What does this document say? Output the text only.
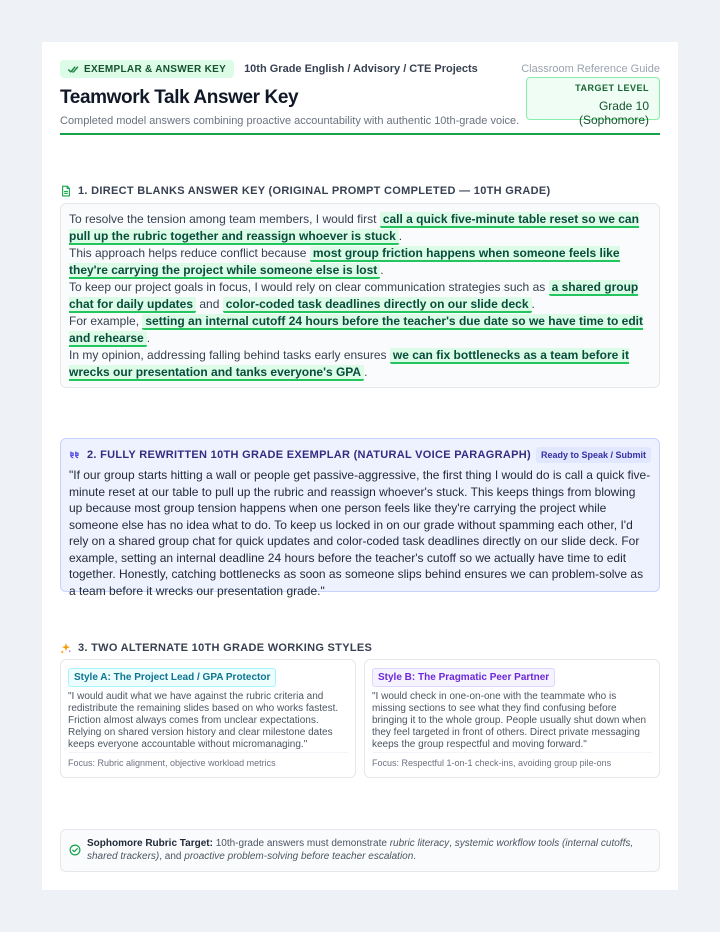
EXEMPLAR & ANSWER KEY 10th Grade English / Advisory / CTE Projects	Classroom Reference Guide
Teamwork Talk Answer Key
Completed model answers combining proactive accountability with authentic 10th-grade voice.
TARGET LEVEL
Grade 10 (Sophomore)
1. DIRECT BLANKS ANSWER KEY (ORIGINAL PROMPT COMPLETED — 10TH GRADE)

To resolve the tension among team members, I would first call a quick five-minute table reset so we can pull up the rubric together and reassign whoever is stuck .

This approach helps reduce conflict because most group friction happens when someone feels like they're carrying the project while someone else is lost .

To keep our project goals in focus, I would rely on clear communication strategies such as a shared group chat for daily updates and color-coded task deadlines directly on our slide deck .

For example, setting an internal cutoff 24 hours before the teacher's due date so we have time to edit and rehearse .

In my opinion, addressing falling behind tasks early ensures we can fix bottlenecks as a team before it wrecks our presentation and tanks everyone's GPA .

2. FULLY REWRITTEN 10TH GRADE EXEMPLAR (NATURAL VOICE PARAGRAPH)	Ready to Speak / Submit

"If our group starts hitting a wall or people get passive-aggressive, the first thing I would do is call a quick five-minute reset at our table to pull up the rubric and reassign whoever's stuck. This keeps things from blowing up because most group tension happens when one person feels like they're carrying the project while someone else has no idea what to do. To keep us locked in on our grade without spamming each other, I'd rely on a shared group chat for quick updates and color-coded task deadlines directly on our slide deck. For example, setting an internal deadline 24 hours before the teacher's cutoff so we actually have time to edit together. Honestly, catching bottlenecks as soon as someone slips behind ensures we can problem-solve as a team before it wrecks our presentation grade."

3. TWO ALTERNATE 10TH GRADE WORKING STYLES
Style A: The Project Lead / GPA Protector

"I would audit what we have against the rubric criteria and redistribute the remaining slides based on who works fastest. Friction almost always comes from unclear expectations. Relying on shared version history and clear milestone dates keeps everyone accountable without micromanaging."

Focus: Rubric alignment, objective workload metrics
Style B: The Pragmatic Peer Partner

"I would check in one-on-one with the teammate who is missing sections to see what they find confusing before bringing it to the whole group. People usually shut down when they feel targeted in front of others. Direct private messaging keeps the group respectful and moving forward."

Focus: Respectful 1-on-1 check-ins, avoiding group pile-ons

Sophomore Rubric Target: 10th-grade answers must demonstrate rubric literacy, systemic workflow tools (internal cutoffs, shared trackers), and proactive problem-solving before teacher escalation.
